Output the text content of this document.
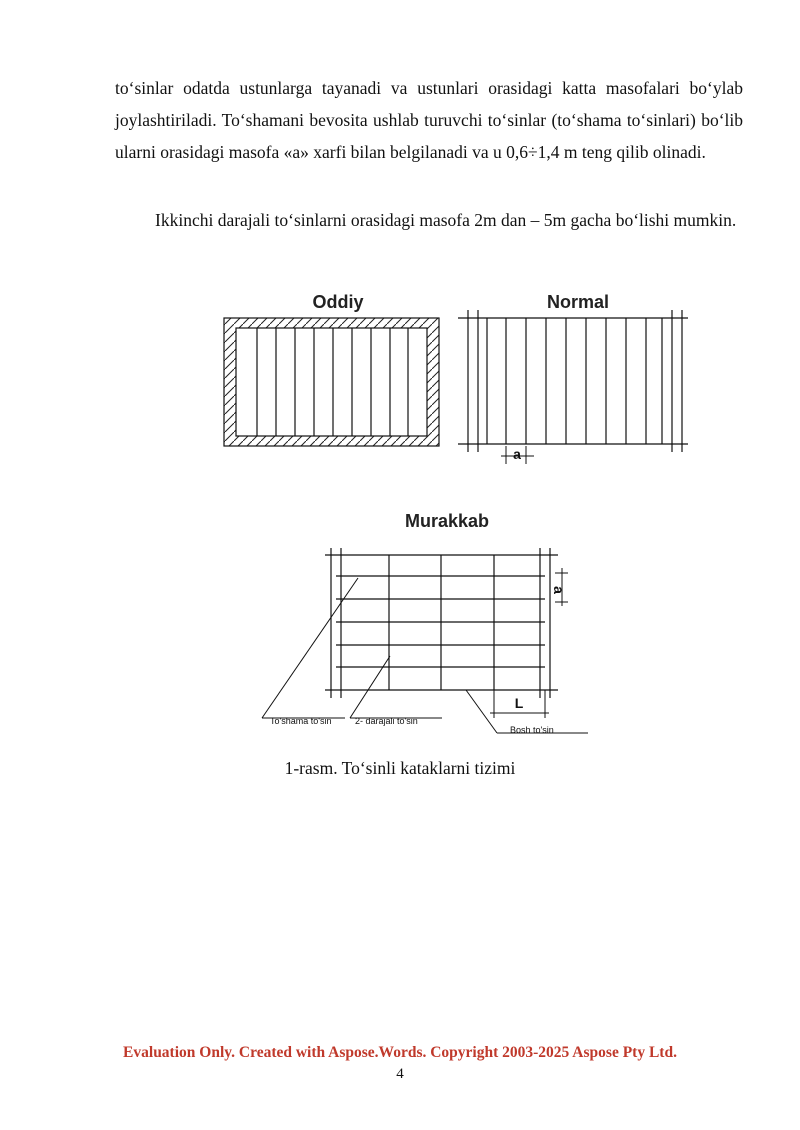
to‘sinlar odatda ustunlarga tayanadi va ustunlari orasidagi katta masofalari bo‘ylab joylashtiriladi. To‘shamani bevosita ushlab turuvchi to‘sinlar (to‘shama to‘sinlari) bo‘lib ularni orasidagi masofa «a» xarfi bilan belgilanadi va u 0,6÷1,4 m teng qilib olinadi.

Ikkinchi darajali to‘sinlarni orasidagi masofa 2m dan – 5m gacha bo‘lishi mumkin.

Oddiy	Normal
a
Murakkab
a
L
To'shama to'sin	2- darajali to'sin
Bosh to'sin
1-rasm. To‘sinli kataklarni tizimi
Evaluation Only. Created with Aspose.Words. Copyright 2003-2025 Aspose Pty Ltd.
4
